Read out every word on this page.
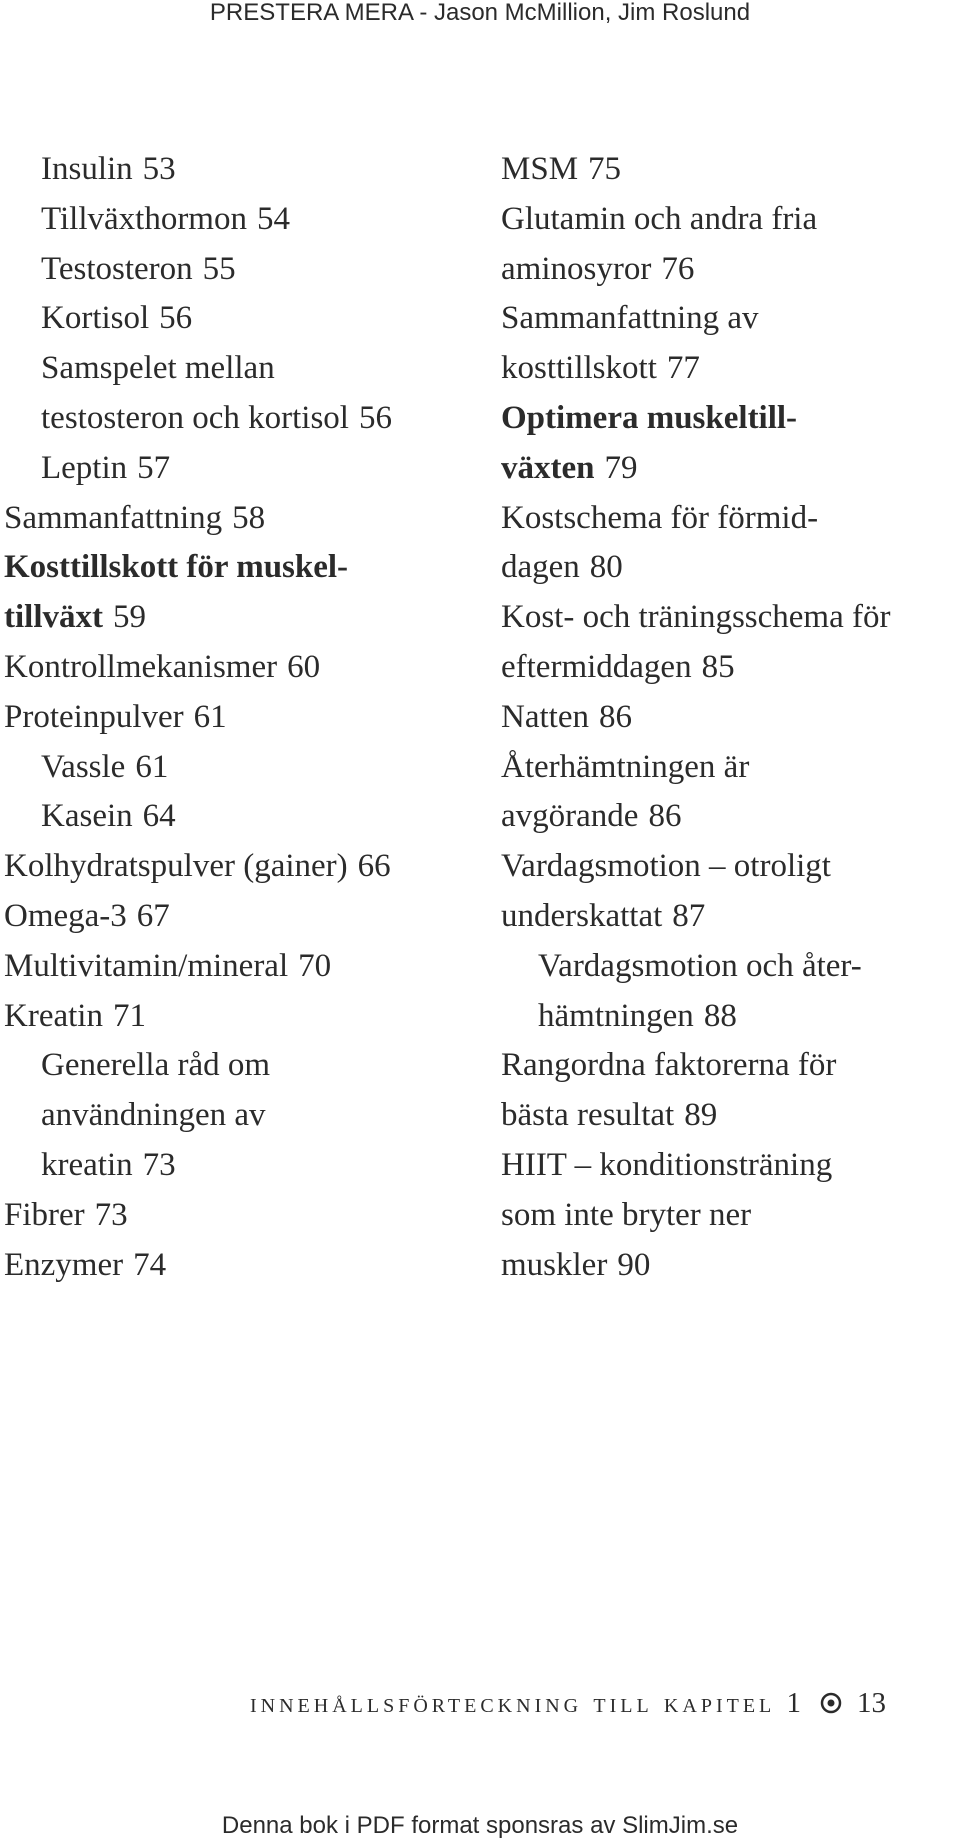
PRESTERA MERA - Jason McMillion, Jim Roslund
Insulin 53
Tillväxthormon 54
Testosteron 55
Kortisol 56
Samspelet mellan
testosteron och kortisol 56
Leptin 57
Sammanfattning 58
Kosttillskott för muskel-
tillväxt 59
Kontrollmekanismer 60
Proteinpulver 61
Vassle 61
Kasein 64
Kolhydratspulver (gainer) 66
Omega-3 67
Multivitamin/mineral 70
Kreatin 71
Generella råd om
användningen av
kreatin 73
Fibrer 73
Enzymer 74
MSM 75
Glutamin och andra fria
aminosyror 76
Sammanfattning av
kosttillskott 77
Optimera muskeltill-
växten 79
Kostschema för förmid-
dagen 80
Kost- och träningsschema för
eftermiddagen 85
Natten 86
Återhämtningen är
avgörande 86
Vardagsmotion – otroligt
underskattat 87
Vardagsmotion och åter-
hämtningen 88
Rangordna faktorerna för
bästa resultat 89
HIIT – konditionsträning
som inte bryter ner
muskler 90
innehållsförteckning till kapitel 1 13
Denna bok i PDF format sponsras av SlimJim.se
